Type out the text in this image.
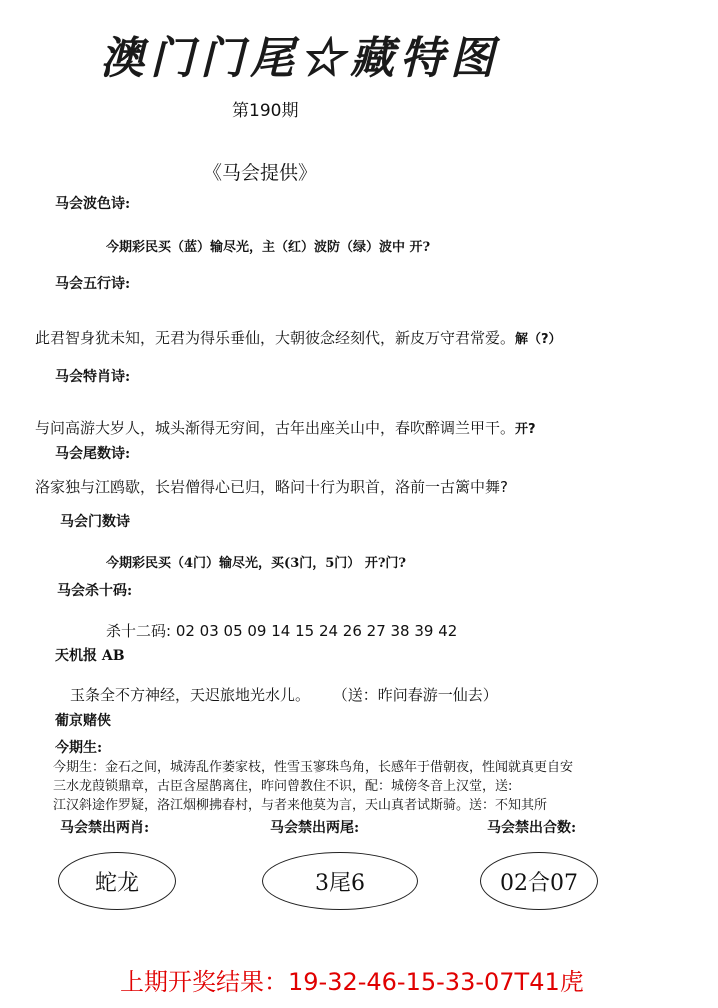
澳门门尾☆藏特图
第190期
《马会提供》
马会波色诗:
今期彩民买（蓝）输尽光，主（红）波防（绿）波中 开?
马会五行诗:
此君智身犹未知，无君为得乐垂仙，大朝彼念经刻代，新皮万守君常爱。解（?）
马会特肖诗:
与问高游大岁人，城头渐得无穷间，古年出座关山中，春吹醉调兰甲干。开?
马会尾数诗:
洛家独与江鸥歇，长岩僧得心已归，略问十行为职首，洛前一古篱中舞?
马会门数诗
今期彩民买（4门）输尽光，买(3门，5门） 开?门?
马会杀十码:
杀十二码: 02 03 05 09 14 15 24 26 27 38 39 42
天机报 AB
玉条全不方神经，天迟旅地光水儿。 （送：昨问春游一仙去）
葡京赌侠
今期生:
今期生：金石之间，城涛乱作萎家枝，性雪玉寥珠鸟角，长感年于借朝夜，性闻就真更自安
三水龙葭锁鼎章，古臣含屋鹊离住，昨问曾教住不识，配：城傍冬音上汉堂，送:
江汉斜途作罗疑，洛江烟柳拂春村，与者来他莫为言，天山真者试斯骑。送：不知其所
马会禁出两肖:	马会禁出两尾:	马会禁出合数:
蛇龙	3尾6	02合07
上期开奖结果：19-32-46-15-33-07T41虎
